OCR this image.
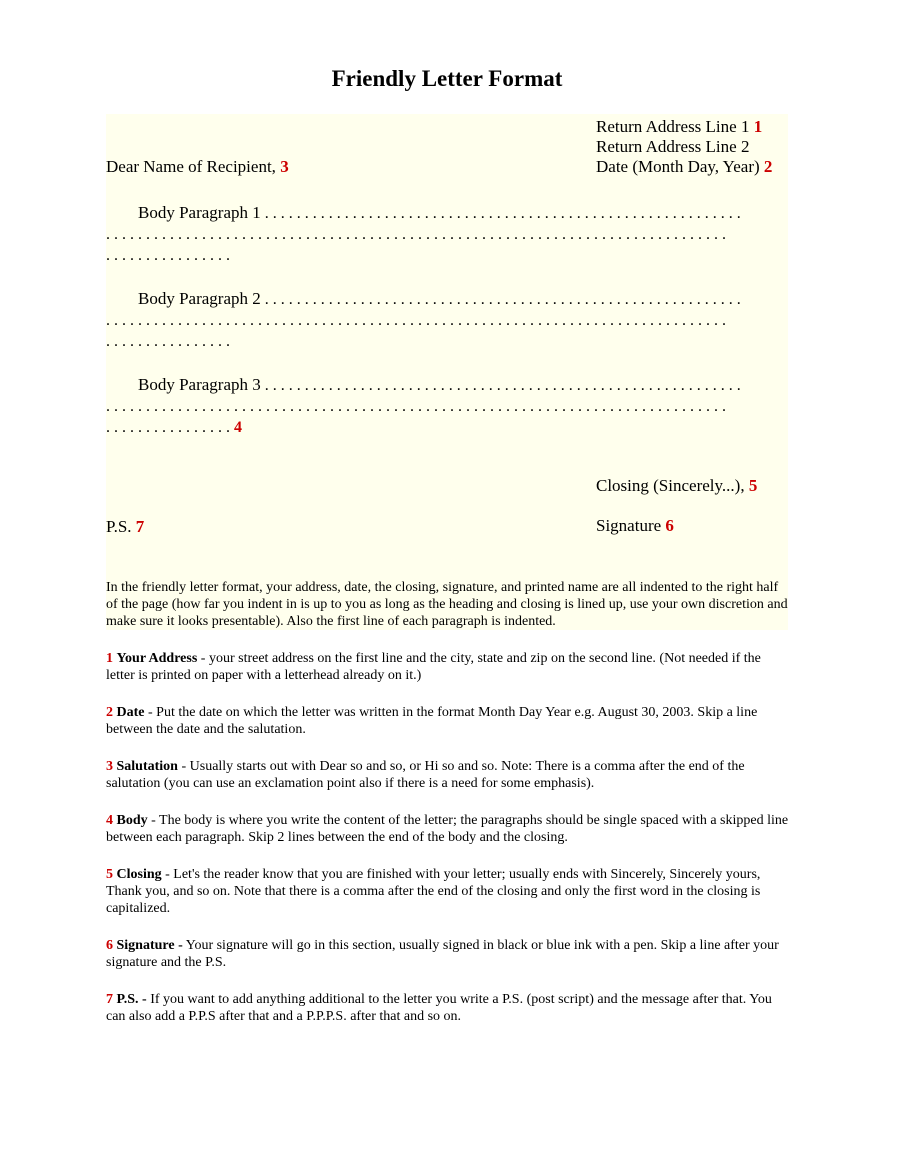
Friendly Letter Format
Return Address Line 1 1
Return Address Line 2
Date (Month Day, Year) 2
Dear Name of Recipient, 3
Body Paragraph 1 . . . . . . . . . . . . . . . . . . . . . . . . . . . . . . . . . . . . . . . . . . . . . . . . . . . . . . . . . . . .
. . . . . . . . . . . . . . . . . . . . . . . . . . . . . . . . . . . . . . . . . . . . . . . . . . . . . . . . . . . . . . . . . . . . . . . . . . . . . .
. . . . . . . . . . . . . . . .
Body Paragraph 2 . . . . . . . . . . . . . . . . . . . . . . . . . . . . . . . . . . . . . . . . . . . . . . . . . . . . . . . . . . . .
. . . . . . . . . . . . . . . . . . . . . . . . . . . . . . . . . . . . . . . . . . . . . . . . . . . . . . . . . . . . . . . . . . . . . . . . . . . . . .
. . . . . . . . . . . . . . . .
Body Paragraph 3 . . . . . . . . . . . . . . . . . . . . . . . . . . . . . . . . . . . . . . . . . . . . . . . . . . . . . . . . . . . .
. . . . . . . . . . . . . . . . . . . . . . . . . . . . . . . . . . . . . . . . . . . . . . . . . . . . . . . . . . . . . . . . . . . . . . . . . . . . . .
. . . . . . . . . . . . . . . . 4
Closing (Sincerely...), 5
Signature 6
P.S. 7
In the friendly letter format, your address, date, the closing, signature, and printed name are all indented to the right half of the page (how far you indent in is up to you as long as the heading and closing is lined up, use your own discretion and make sure it looks presentable). Also the first line of each paragraph is indented.

1 Your Address - your street address on the first line and the city, state and zip on the second line. (Not needed if the letter is printed on paper with a letterhead already on it.)

2 Date - Put the date on which the letter was written in the format Month Day Year e.g. August 30, 2003. Skip a line between the date and the salutation.

3 Salutation - Usually starts out with Dear so and so, or Hi so and so. Note: There is a comma after the end of the salutation (you can use an exclamation point also if there is a need for some emphasis).

4 Body - The body is where you write the content of the letter; the paragraphs should be single spaced with a skipped line between each paragraph. Skip 2 lines between the end of the body and the closing.

5 Closing - Let's the reader know that you are finished with your letter; usually ends with Sincerely, Sincerely yours, Thank you, and so on. Note that there is a comma after the end of the closing and only the first word in the closing is capitalized.

6 Signature - Your signature will go in this section, usually signed in black or blue ink with a pen. Skip a line after your signature and the P.S.

7 P.S. - If you want to add anything additional to the letter you write a P.S. (post script) and the message after that. You can also add a P.P.S after that and a P.P.P.S. after that and so on.
